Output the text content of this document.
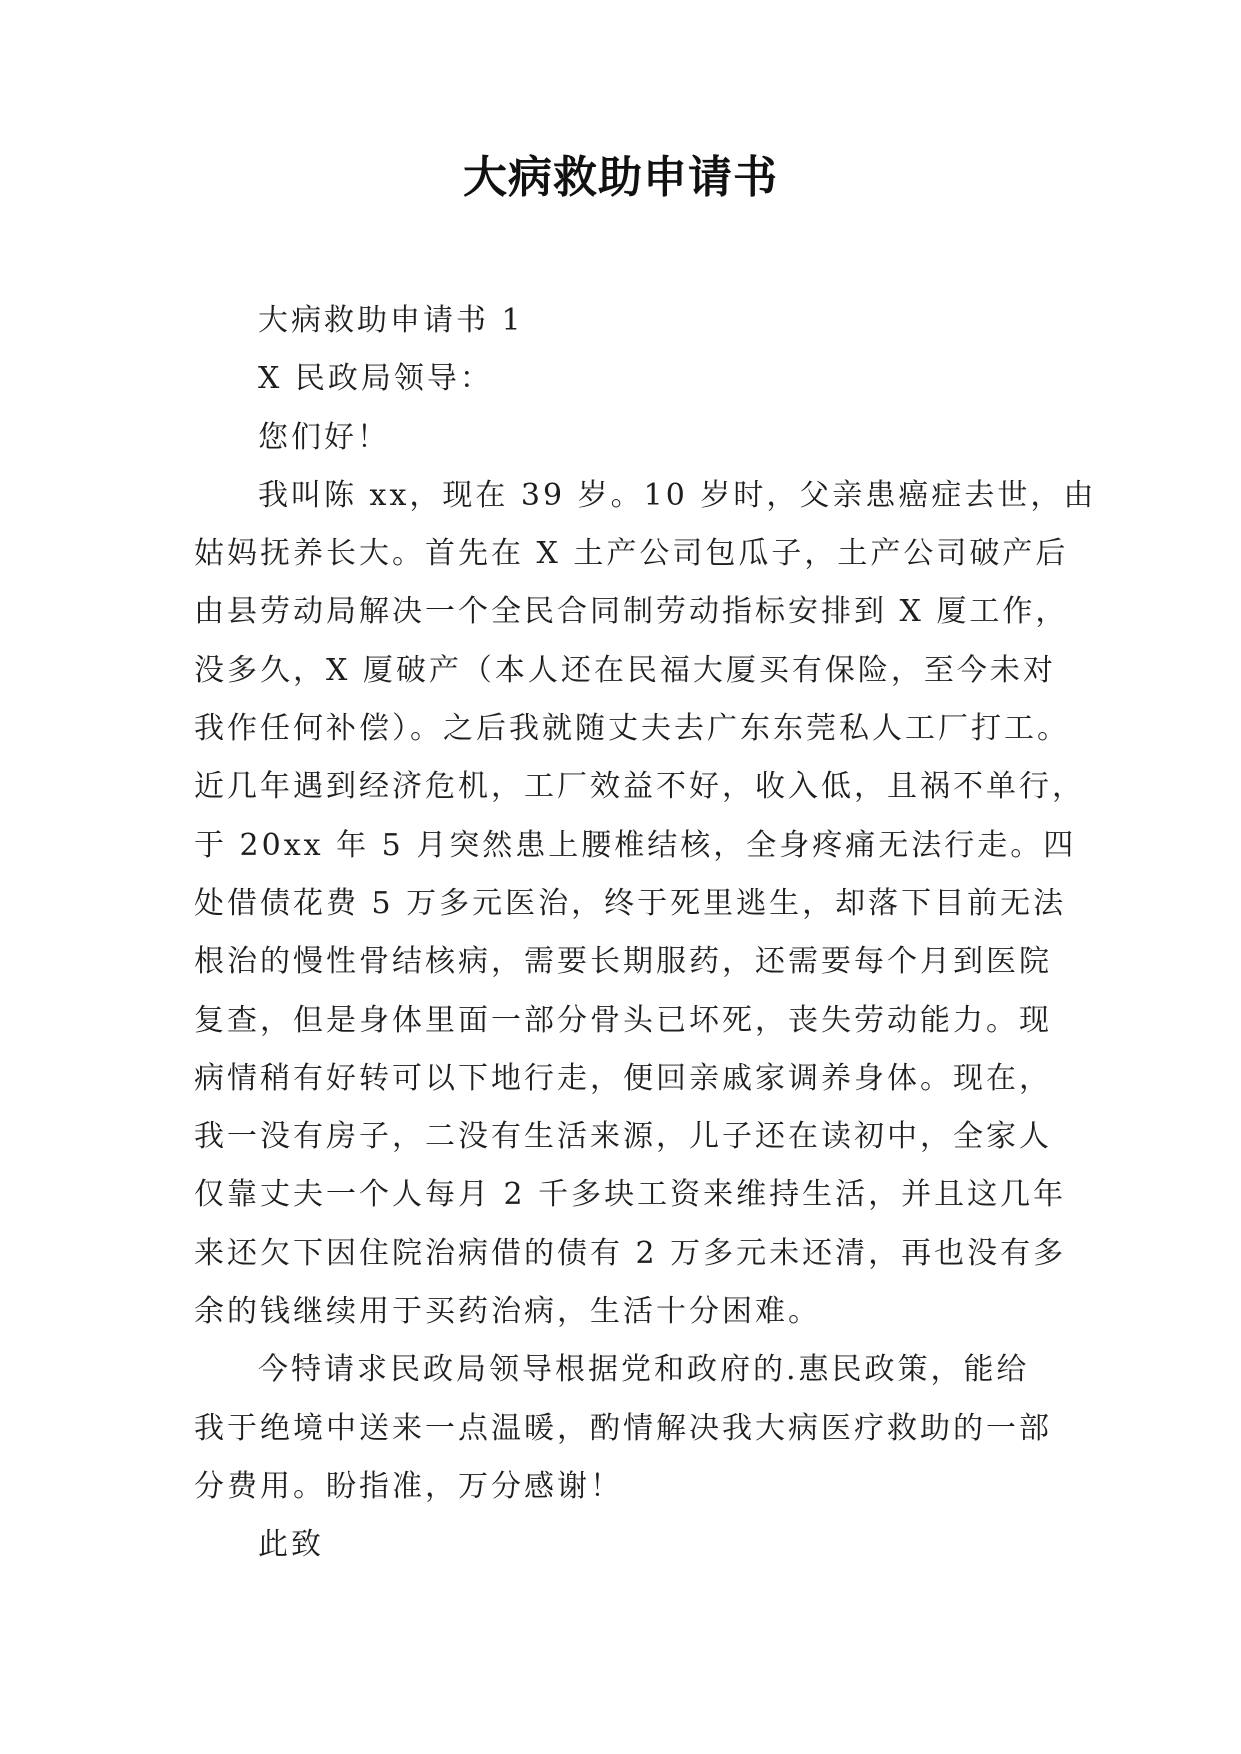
大病救助申请书
大病救助申请书 1
X 民政局领导：
您们好！
我叫陈 xx，现在 39 岁。10 岁时，父亲患癌症去世，由
姑妈抚养长大。首先在 X 土产公司包瓜子，土产公司破产后
由县劳动局解决一个全民合同制劳动指标安排到 X 厦工作，
没多久，X 厦破产（本人还在民福大厦买有保险，至今未对
我作任何补偿）。之后我就随丈夫去广东东莞私人工厂打工。
近几年遇到经济危机，工厂效益不好，收入低，且祸不单行，
于 20xx 年 5 月突然患上腰椎结核，全身疼痛无法行走。四
处借债花费 5 万多元医治，终于死里逃生，却落下目前无法
根治的慢性骨结核病，需要长期服药，还需要每个月到医院
复查，但是身体里面一部分骨头已坏死，丧失劳动能力。现
病情稍有好转可以下地行走，便回亲戚家调养身体。现在，
我一没有房子，二没有生活来源，儿子还在读初中，全家人
仅靠丈夫一个人每月 2 千多块工资来维持生活，并且这几年
来还欠下因住院治病借的债有 2 万多元未还清，再也没有多
余的钱继续用于买药治病，生活十分困难。
今特请求民政局领导根据党和政府的.惠民政策，能给
我于绝境中送来一点温暖，酌情解决我大病医疗救助的一部
分费用。盼指准，万分感谢！
此致
